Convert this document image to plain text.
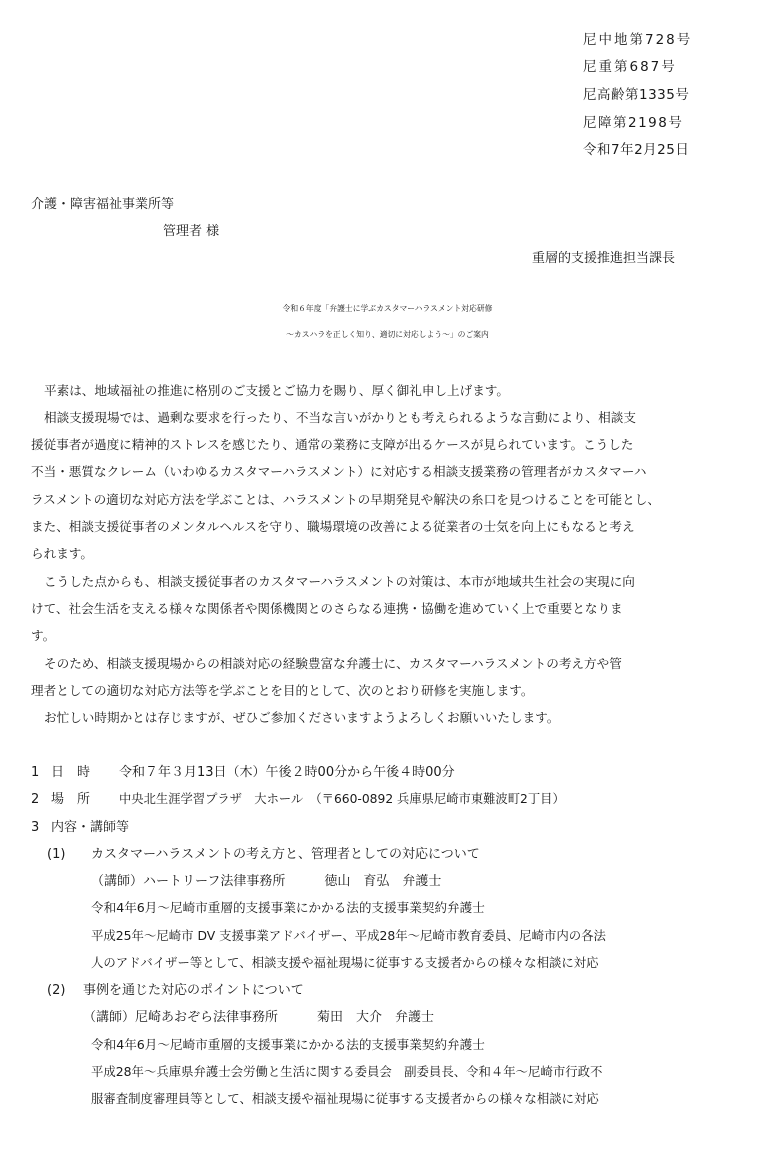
尼中地第728号
尼重第687号
尼高齢第1335号
尼障第2198号
令和7年2月25日
介護・障害福祉事業所等
管理者 様
重層的支援推進担当課長
令和６年度「弁護士に学ぶカスタマーハラスメント対応研修
～カスハラを正しく知り、適切に対応しよう～」のご案内
平素は、地域福祉の推進に格別のご支援とご協力を賜り、厚く御礼申し上げます。
相談支援現場では、過剰な要求を行ったり、不当な言いがかりとも考えられるような言動により、相談支
援従事者が過度に精神的ストレスを感じたり、通常の業務に支障が出るケースが見られています。こうした
不当・悪質なクレーム（いわゆるカスタマーハラスメント）に対応する相談支援業務の管理者がカスタマーハ
ラスメントの適切な対応方法を学ぶことは、ハラスメントの早期発見や解決の糸口を見つけることを可能とし、
また、相談支援従事者のメンタルヘルスを守り、職場環境の改善による従業者の士気を向上にもなると考え
られます。
こうした点からも、相談支援従事者のカスタマーハラスメントの対策は、本市が地域共生社会の実現に向
けて、社会生活を支える様々な関係者や関係機関とのさらなる連携・協働を進めていく上で重要となりま
す。
そのため、相談支援現場からの相談対応の経験豊富な弁護士に、カスタマーハラスメントの考え方や管
理者としての適切な対応方法等を学ぶことを目的として、次のとおり研修を実施します。
お忙しい時期かとは存じますが、ぜひご参加くださいますようよろしくお願いいたします。
1 日　時 令和７年３月13日（木）午後２時00分から午後４時00分
2 場　所 中央北生涯学習プラザ　大ホール　（〒660-0892 兵庫県尼崎市東難波町2丁目）
3 内容・講師等
(1) カスタマーハラスメントの考え方と、管理者としての対応について
（講師）ハートリーフ法律事務所　　　徳山　育弘　弁護士
令和4年6月～尼崎市重層的支援事業にかかる法的支援事業契約弁護士
平成25年～尼崎市 DV 支援事業アドバイザー、平成28年～尼崎市教育委員、尼崎市内の各法
人のアドバイザー等として、相談支援や福祉現場に従事する支援者からの様々な相談に対応
(2) 事例を通じた対応のポイントについて
（講師）尼崎あおぞら法律事務所　　　菊田　大介　弁護士
令和4年6月～尼崎市重層的支援事業にかかる法的支援事業契約弁護士
平成28年～兵庫県弁護士会労働と生活に関する委員会　副委員長、令和４年～尼崎市行政不
服審査制度審理員等として、相談支援や福祉現場に従事する支援者からの様々な相談に対応
